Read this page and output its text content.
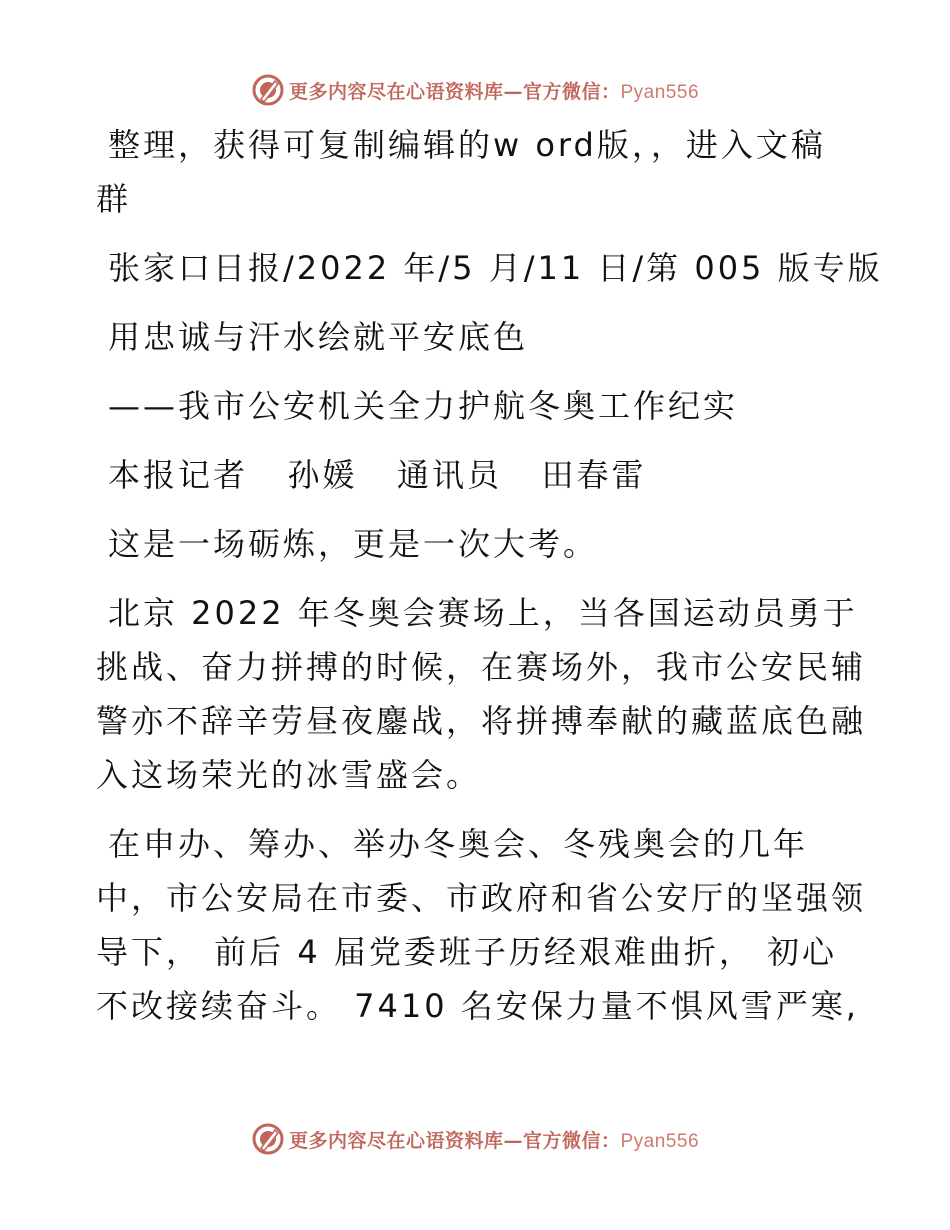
更多内容尽在心语资料库—官方微信：Pyan556
整理，获得可复制编辑的w ord版，，进入文稿
群
张家口日报/2022 年/5 月/11 日/第 005 版专版
用忠诚与汗水绘就平安底色
——我市公安机关全力护航冬奥工作纪实
本报记者   孙媛   通讯员   田春雷
这是一场砺炼，更是一次大考。
北京 2022 年冬奥会赛场上，当各国运动员勇于
挑战、奋力拼搏的时候，在赛场外，我市公安民辅
警亦不辞辛劳昼夜鏖战，将拼搏奉献的藏蓝底色融
入这场荣光的冰雪盛会。
在申办、筹办、举办冬奥会、冬残奥会的几年
中，市公安局在市委、市政府和省公安厅的坚强领
导下， 前后 4 届党委班子历经艰难曲折， 初心
不改接续奋斗。 7410 名安保力量不惧风雪严寒,
更多内容尽在心语资料库—官方微信：Pyan556
